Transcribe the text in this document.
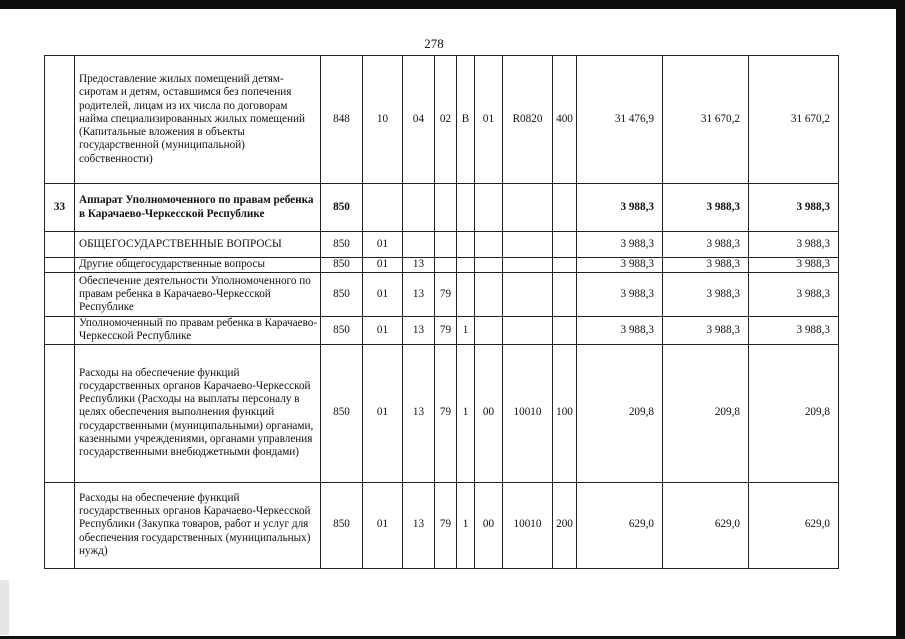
278
	Предоставление жилых помещений детям-сиротам и детям, оставшимся без попечения родителей, лицам из их числа по договорам найма специализированных жилых помещений (Капитальные вложения в объекты государственной (муниципальной) собственности)	848	10	04	02	В	01	R0820	400	31 476,9	31 670,2	31 670,2
33	Аппарат Уполномоченного по правам ребенка в Карачаево-Черкесской Республике	850								3 988,3	3 988,3	3 988,3
	ОБЩЕГОСУДАРСТВЕННЫЕ ВОПРОСЫ	850	01							3 988,3	3 988,3	3 988,3
	Другие общегосударственные вопросы	850	01	13						3 988,3	3 988,3	3 988,3
	Обеспечение деятельности Уполномоченного по правам ребенка в Карачаево-Черкесской Республике	850	01	13	79					3 988,3	3 988,3	3 988,3
	Уполномоченный по правам ребенка в Карачаево-Черкесской Республике	850	01	13	79	1				3 988,3	3 988,3	3 988,3
	Расходы на обеспечение функций государственных органов Карачаево-Черкесской Республики (Расходы на выплаты персоналу в целях обеспечения выполнения функций государственными (муниципальными) органами, казенными учреждениями, органами управления государственными внебюджетными фондами)	850	01	13	79	1	00	10010	100	209,8	209,8	209,8
	Расходы на обеспечение функций государственных органов Карачаево-Черкесской Республики (Закупка товаров, работ и услуг для обеспечения государственных (муниципальных) нужд)	850	01	13	79	1	00	10010	200	629,0	629,0	629,0
